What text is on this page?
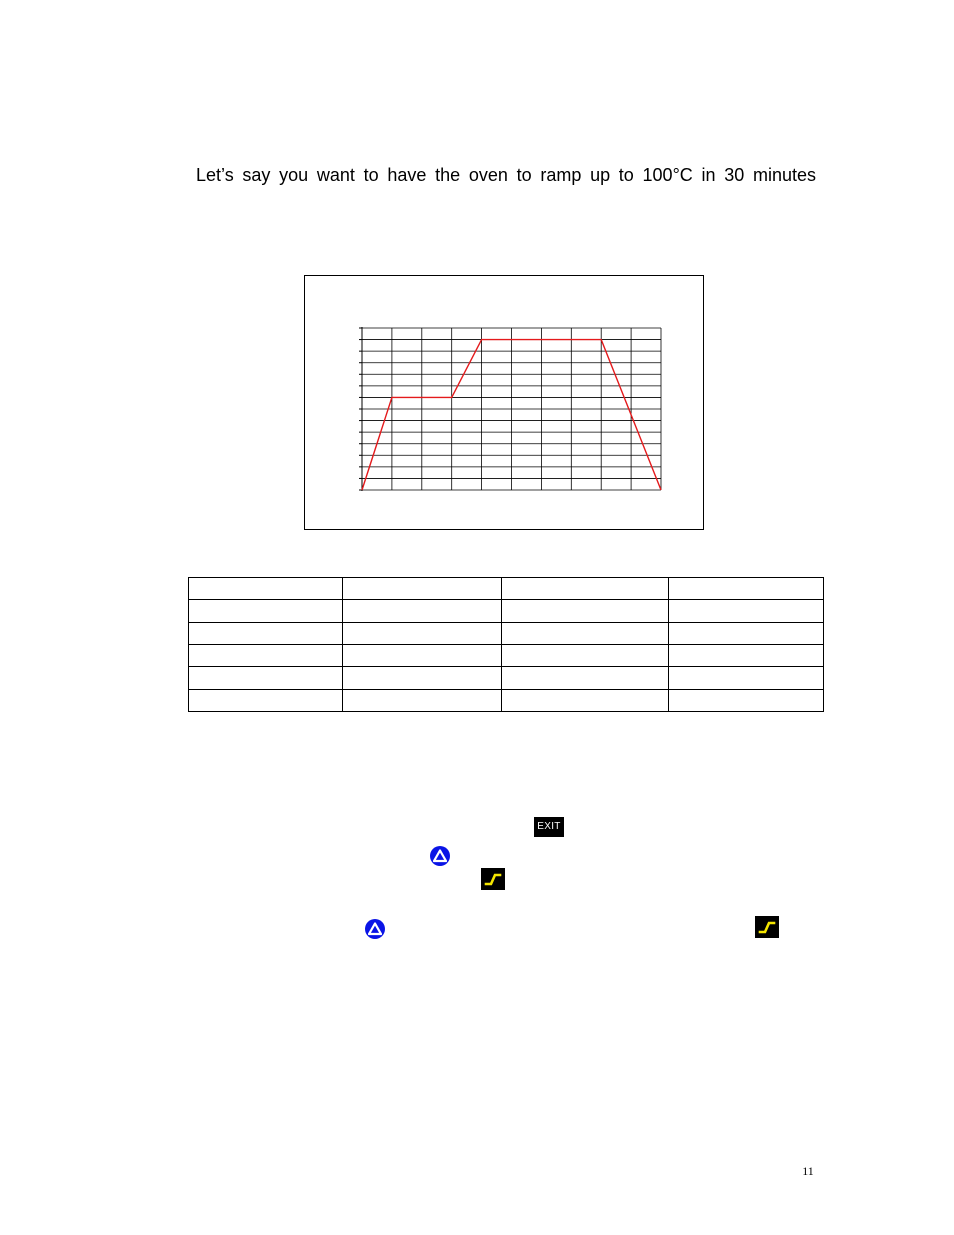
Let’s say you want to have the oven to ramp up to 100°C in 30 minutes

EXIT
11
